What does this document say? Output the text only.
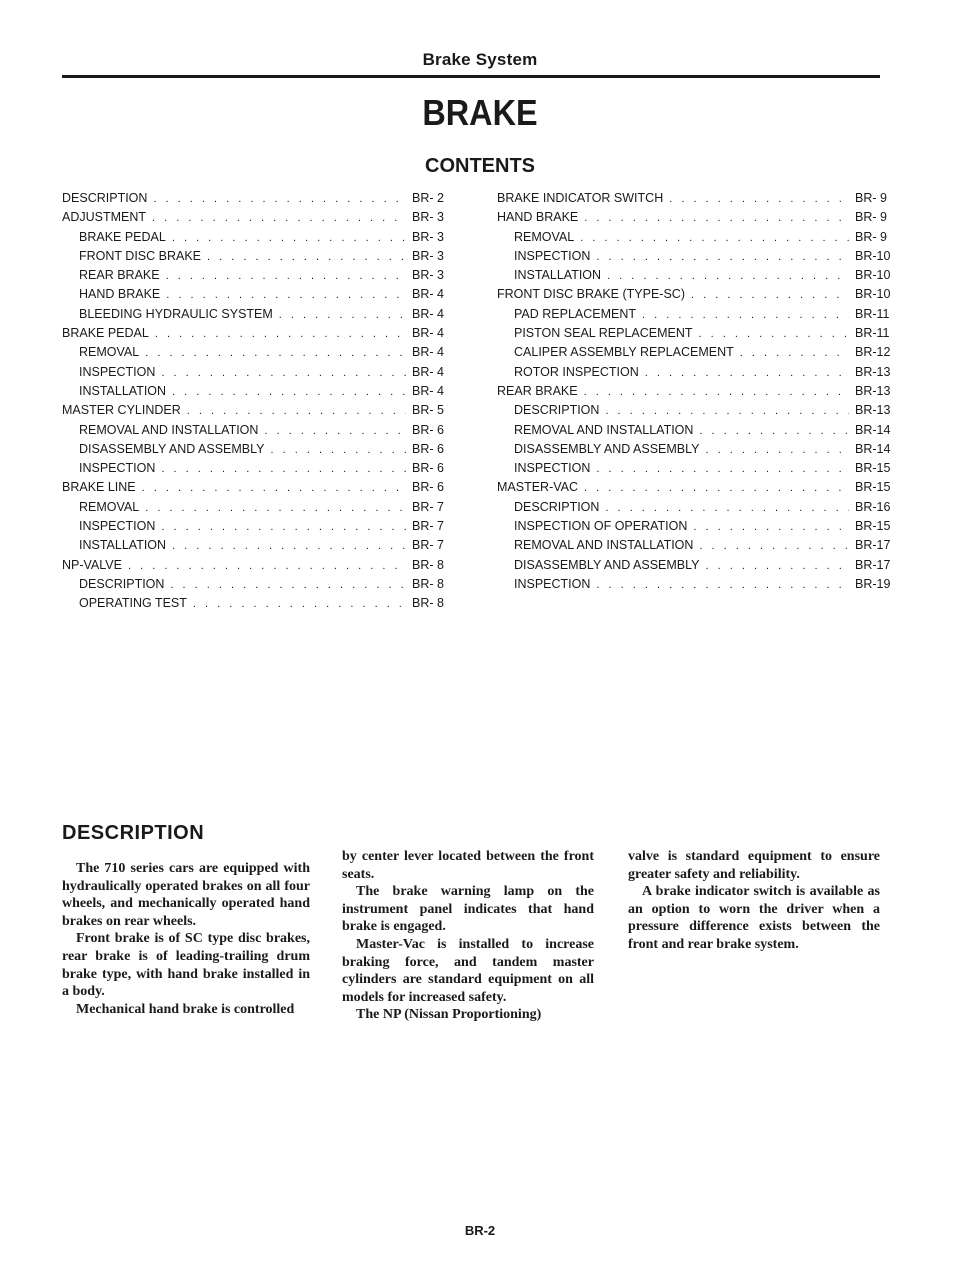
Brake System
BRAKE
CONTENTS
DESCRIPTION . . .	BR- 2
ADJUSTMENT . . .	BR- 3
BRAKE PEDAL . . .	BR- 3
FRONT DISC BRAKE . . .	BR- 3
REAR BRAKE . . .	BR- 3
HAND BRAKE . . .	BR- 4
BLEEDING HYDRAULIC SYSTEM . . .	BR- 4
BRAKE PEDAL . . .	BR- 4
REMOVAL . . .	BR- 4
INSPECTION . . .	BR- 4
INSTALLATION . . .	BR- 4
MASTER CYLINDER . . .	BR- 5
REMOVAL AND INSTALLATION . . .	BR- 6
DISASSEMBLY AND ASSEMBLY . . .	BR- 6
INSPECTION . . .	BR- 6
BRAKE LINE . . .	BR- 6
REMOVAL . . .	BR- 7
INSPECTION . . .	BR- 7
INSTALLATION . . .	BR- 7
NP-VALVE . . .	BR- 8
DESCRIPTION . . .	BR- 8
OPERATING TEST . . .	BR- 8
BRAKE INDICATOR SWITCH . . .	BR- 9
HAND BRAKE . . .	BR- 9
REMOVAL . . .	BR- 9
INSPECTION . . .	BR-10
INSTALLATION . . .	BR-10
FRONT DISC BRAKE (TYPE-SC) . . .	BR-10
PAD REPLACEMENT . . .	BR-11
PISTON SEAL REPLACEMENT . . .	BR-11
CALIPER ASSEMBLY REPLACEMENT . . .	BR-12
ROTOR INSPECTION . . .	BR-13
REAR BRAKE . . .	BR-13
DESCRIPTION . . .	BR-13
REMOVAL AND INSTALLATION . . .	BR-14
DISASSEMBLY AND ASSEMBLY . . .	BR-14
INSPECTION . . .	BR-15
MASTER-VAC . . .	BR-15
DESCRIPTION . . .	BR-16
INSPECTION OF OPERATION . . .	BR-15
REMOVAL AND INSTALLATION . . .	BR-17
DISASSEMBLY AND ASSEMBLY . . .	BR-17
INSPECTION . . .	BR-19
DESCRIPTION

The 710 series cars are equipped with hydraulically operated brakes on all four wheels, and mechanically operated hand brakes on rear wheels.

Front brake is of SC type disc brakes, rear brake is of leading-trailing drum brake type, with hand brake installed in a body.

Mechanical hand brake is controlled

by center lever located between the front seats.

The brake warning lamp on the instrument panel indicates that hand brake is engaged.

Master-Vac is installed to increase braking force, and tandem master cylinders are standard equipment on all models for increased safety.

The NP (Nissan Proportioning)

valve is standard equipment to ensure greater safety and reliability.

A brake indicator switch is available as an option to worn the driver when a pressure difference exists between the front and rear brake system.

BR-2
